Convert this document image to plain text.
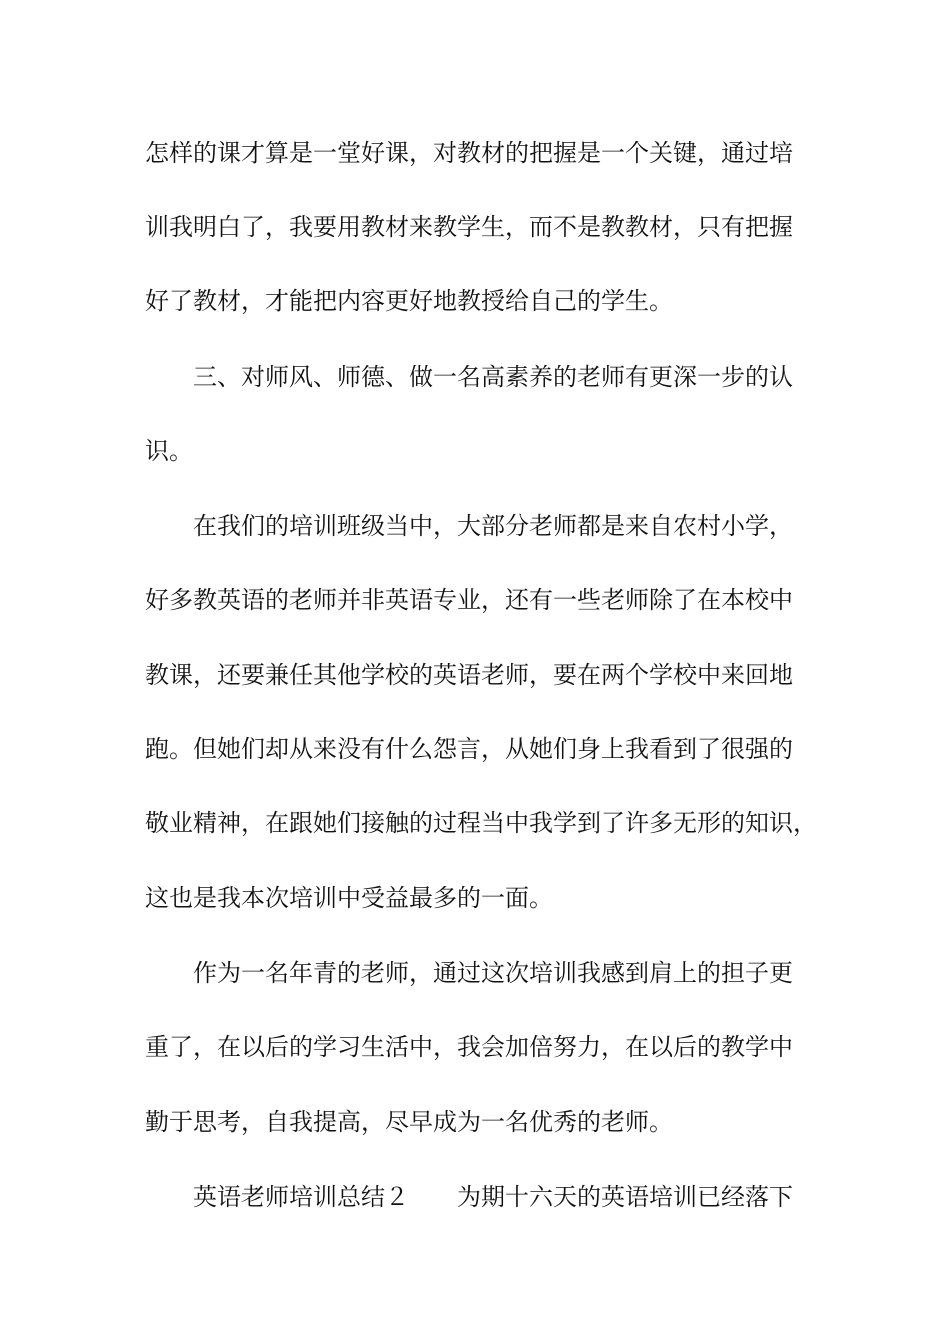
怎样的课才算是一堂好课，对教材的把握是一个关键，通过培
训我明白了，我要用教材来教学生，而不是教教材，只有把握
好了教材，才能把内容更好地教授给自己的学生。
三、对师风、师德、做一名高素养的老师有更深一步的认
识。
在我们的培训班级当中，大部分老师都是来自农村小学，
好多教英语的老师并非英语专业，还有一些老师除了在本校中
教课，还要兼任其他学校的英语老师，要在两个学校中来回地
跑。但她们却从来没有什么怨言，从她们身上我看到了很强的
敬业精神，在跟她们接触的过程当中我学到了许多无形的知识，
这也是我本次培训中受益最多的一面。
作为一名年青的老师，通过这次培训我感到肩上的担子更
重了，在以后的学习生活中，我会加倍努力，在以后的教学中
勤于思考，自我提高，尽早成为一名优秀的老师。
英语老师培训总结２ 为期十六天的英语培训已经落下
